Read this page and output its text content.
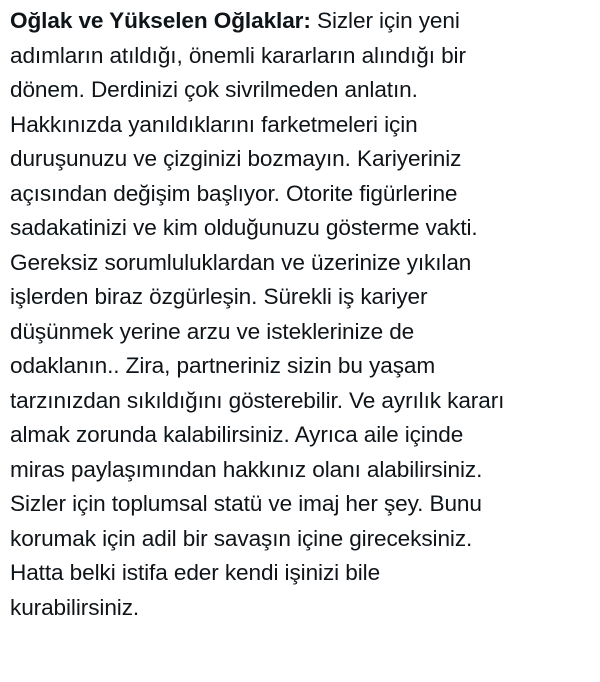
Oğlak ve Yükselen Oğlaklar: Sizler için yeni
adımların atıldığı, önemli kararların alındığı bir
dönem. Derdinizi çok sivrilmeden anlatın.
Hakkınızda yanıldıklarını farketmeleri için
duruşunuzu ve çizginizi bozmayın. Kariyeriniz
açısından değişim başlıyor. Otorite figürlerine
sadakatinizi ve kim olduğunuzu gösterme vakti.
Gereksiz sorumluluklardan ve üzerinize yıkılan
işlerden biraz özgürleşin. Sürekli iş kariyer
düşünmek yerine arzu ve isteklerinize de
odaklanın.. Zira, partneriniz sizin bu yaşam
tarzınızdan sıkıldığını gösterebilir. Ve ayrılık kararı
almak zorunda kalabilirsiniz. Ayrıca aile içinde
miras paylaşımından hakkınız olanı alabilirsiniz.
Sizler için toplumsal statü ve imaj her şey. Bunu
korumak için adil bir savaşın içine gireceksiniz.
Hatta belki istifa eder kendi işinizi bile
kurabilirsiniz.
